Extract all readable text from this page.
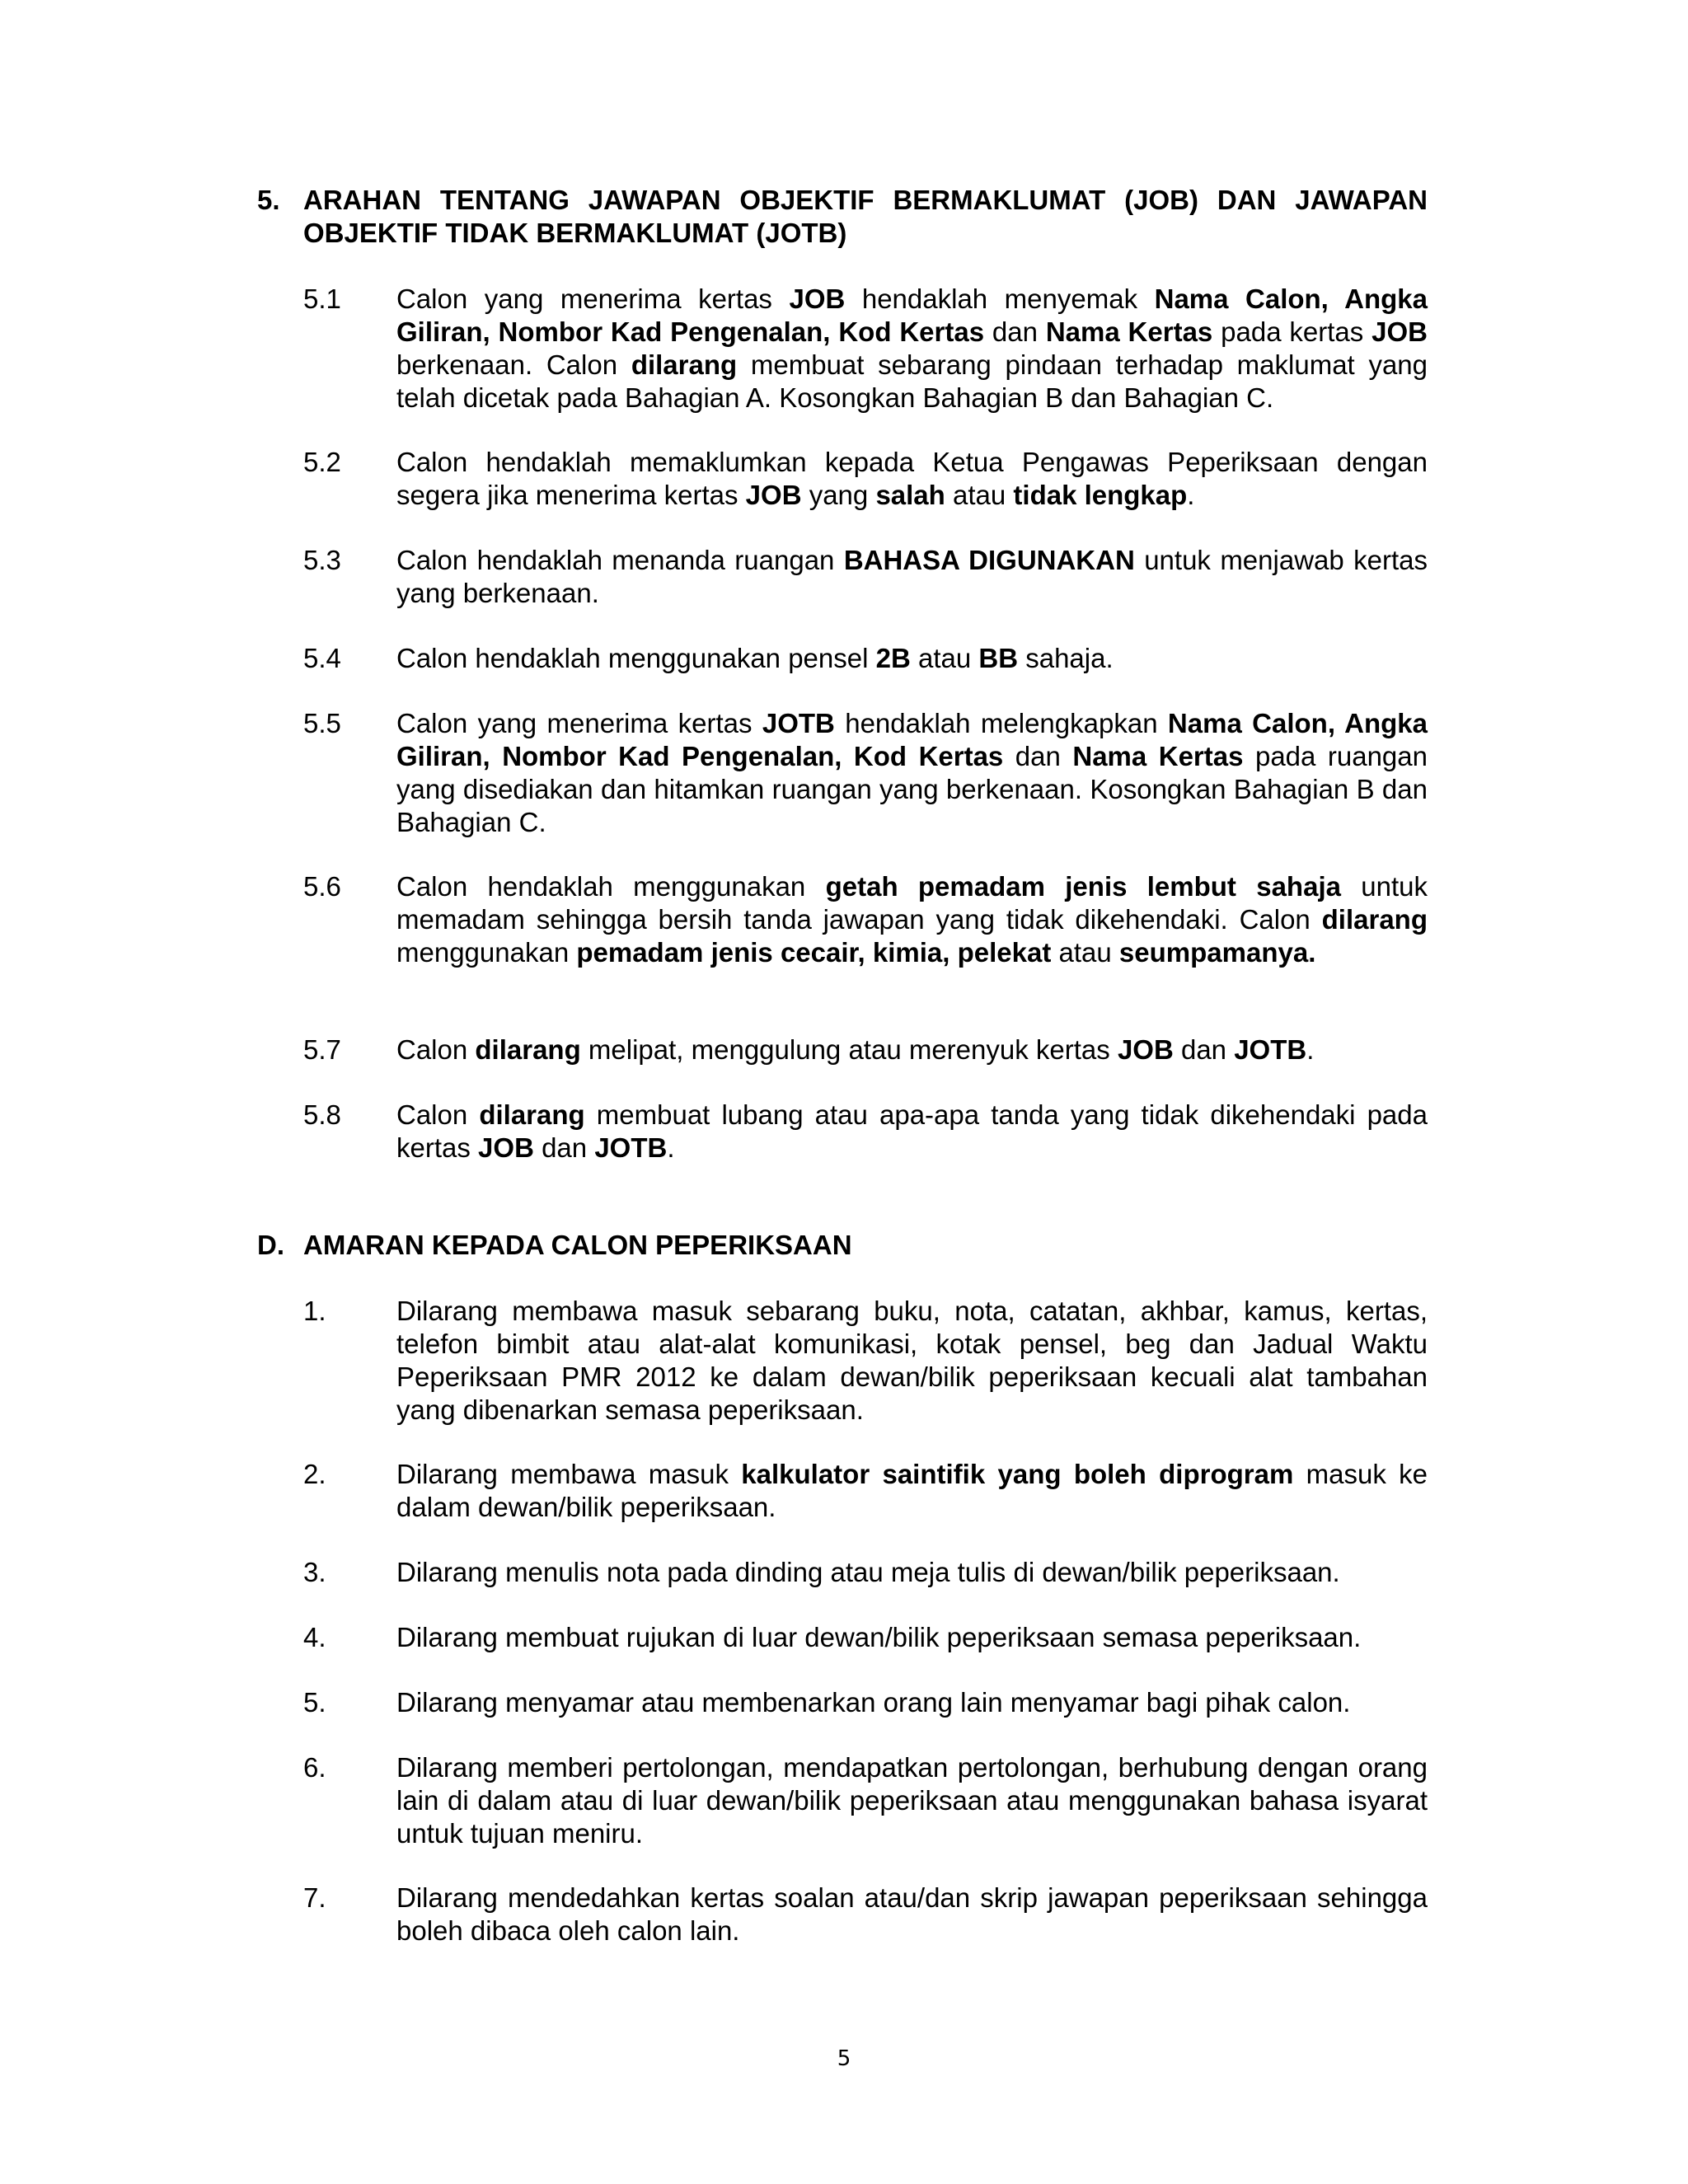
5. ARAHAN TENTANG JAWAPAN OBJEKTIF BERMAKLUMAT (JOB) DAN JAWAPAN OBJEKTIF TIDAK BERMAKLUMAT (JOTB)
5.1 Calon yang menerima kertas JOB hendaklah menyemak Nama Calon, Angka Giliran, Nombor Kad Pengenalan, Kod Kertas dan Nama Kertas pada kertas JOB berkenaan. Calon dilarang membuat sebarang pindaan terhadap maklumat yang telah dicetak pada Bahagian A. Kosongkan Bahagian B dan Bahagian C.
5.2 Calon hendaklah memaklumkan kepada Ketua Pengawas Peperiksaan dengan segera jika menerima kertas JOB yang salah atau tidak lengkap.
5.3 Calon hendaklah menanda ruangan BAHASA DIGUNAKAN untuk menjawab kertas yang berkenaan.
5.4 Calon hendaklah menggunakan pensel 2B atau BB sahaja.
5.5 Calon yang menerima kertas JOTB hendaklah melengkapkan Nama Calon, Angka Giliran, Nombor Kad Pengenalan, Kod Kertas dan Nama Kertas pada ruangan yang disediakan dan hitamkan ruangan yang berkenaan. Kosongkan Bahagian B dan Bahagian C.
5.6 Calon hendaklah menggunakan getah pemadam jenis lembut sahaja untuk memadam sehingga bersih tanda jawapan yang tidak dikehendaki. Calon dilarang menggunakan pemadam jenis cecair, kimia, pelekat atau seumpamanya.
5.7 Calon dilarang melipat, menggulung atau merenyuk kertas JOB dan JOTB.
5.8 Calon dilarang membuat lubang atau apa-apa tanda yang tidak dikehendaki pada kertas JOB dan JOTB.
D. AMARAN KEPADA CALON PEPERIKSAAN
1.	Dilarang membawa masuk sebarang buku, nota, catatan, akhbar, kamus, kertas, telefon bimbit atau alat-alat komunikasi, kotak pensel, beg dan Jadual Waktu Peperiksaan PMR 2012 ke dalam dewan/bilik peperiksaan kecuali alat tambahan yang dibenarkan semasa peperiksaan.
2.	Dilarang membawa masuk kalkulator saintifik yang boleh diprogram masuk ke dalam dewan/bilik peperiksaan.
3.	Dilarang menulis nota pada dinding atau meja tulis di dewan/bilik peperiksaan.
4.	Dilarang membuat rujukan di luar dewan/bilik peperiksaan semasa peperiksaan.
5.	Dilarang menyamar atau membenarkan orang lain menyamar bagi pihak calon.
6.	Dilarang memberi pertolongan, mendapatkan pertolongan, berhubung dengan orang lain di dalam atau di luar dewan/bilik peperiksaan atau menggunakan bahasa isyarat untuk tujuan meniru.
7.	Dilarang mendedahkan kertas soalan atau/dan skrip jawapan peperiksaan sehingga boleh dibaca oleh calon lain.
5
